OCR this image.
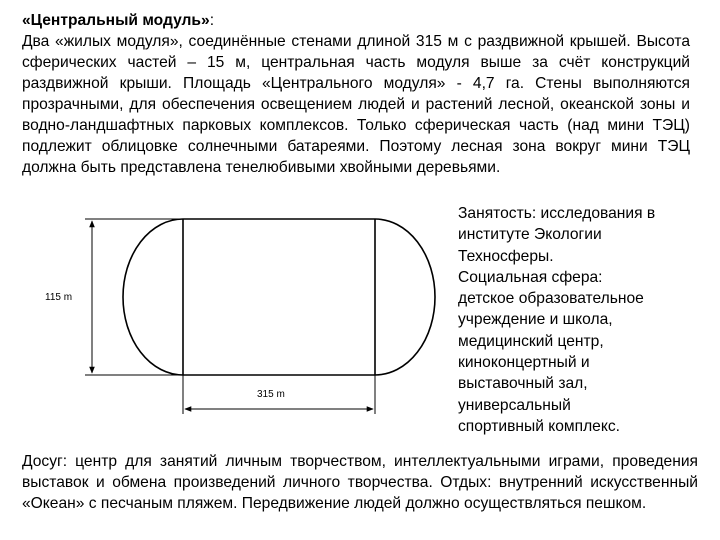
«Центральный модуль»:
Два «жилых модуля», соединённые стенами длиной 315 м с раздвижной крышей. Высота сферических частей – 15 м, центральная часть модуля выше за счёт конструкций раздвижной крыши. Площадь «Центрального модуля» - 4,7 га. Стены выполняются прозрачными, для обеспечения освещением людей и растений лесной, океанской зоны и водно-ландшафтных парковых комплексов. Только сферическая часть (над мини ТЭЦ) подлежит облицовке солнечными батареями. Поэтому лесная зона вокруг мини ТЭЦ должна быть представлена тенелюбивыми хвойными деревьями.
115 m
315 m
Занятость: исследования в
институте Экологии
Техносферы.
Социальная сфера:
детское образовательное
учреждение и школа,
медицинский центр,
киноконцертный и
выставочный зал,
универсальный
спортивный комплекс.
Досуг: центр для занятий личным творчеством, интеллектуальными играми, проведения выставок и обмена произведений личного творчества. Отдых: внутренний искусственный «Океан» с песчаным пляжем. Передвижение людей должно осуществляться пешком.
